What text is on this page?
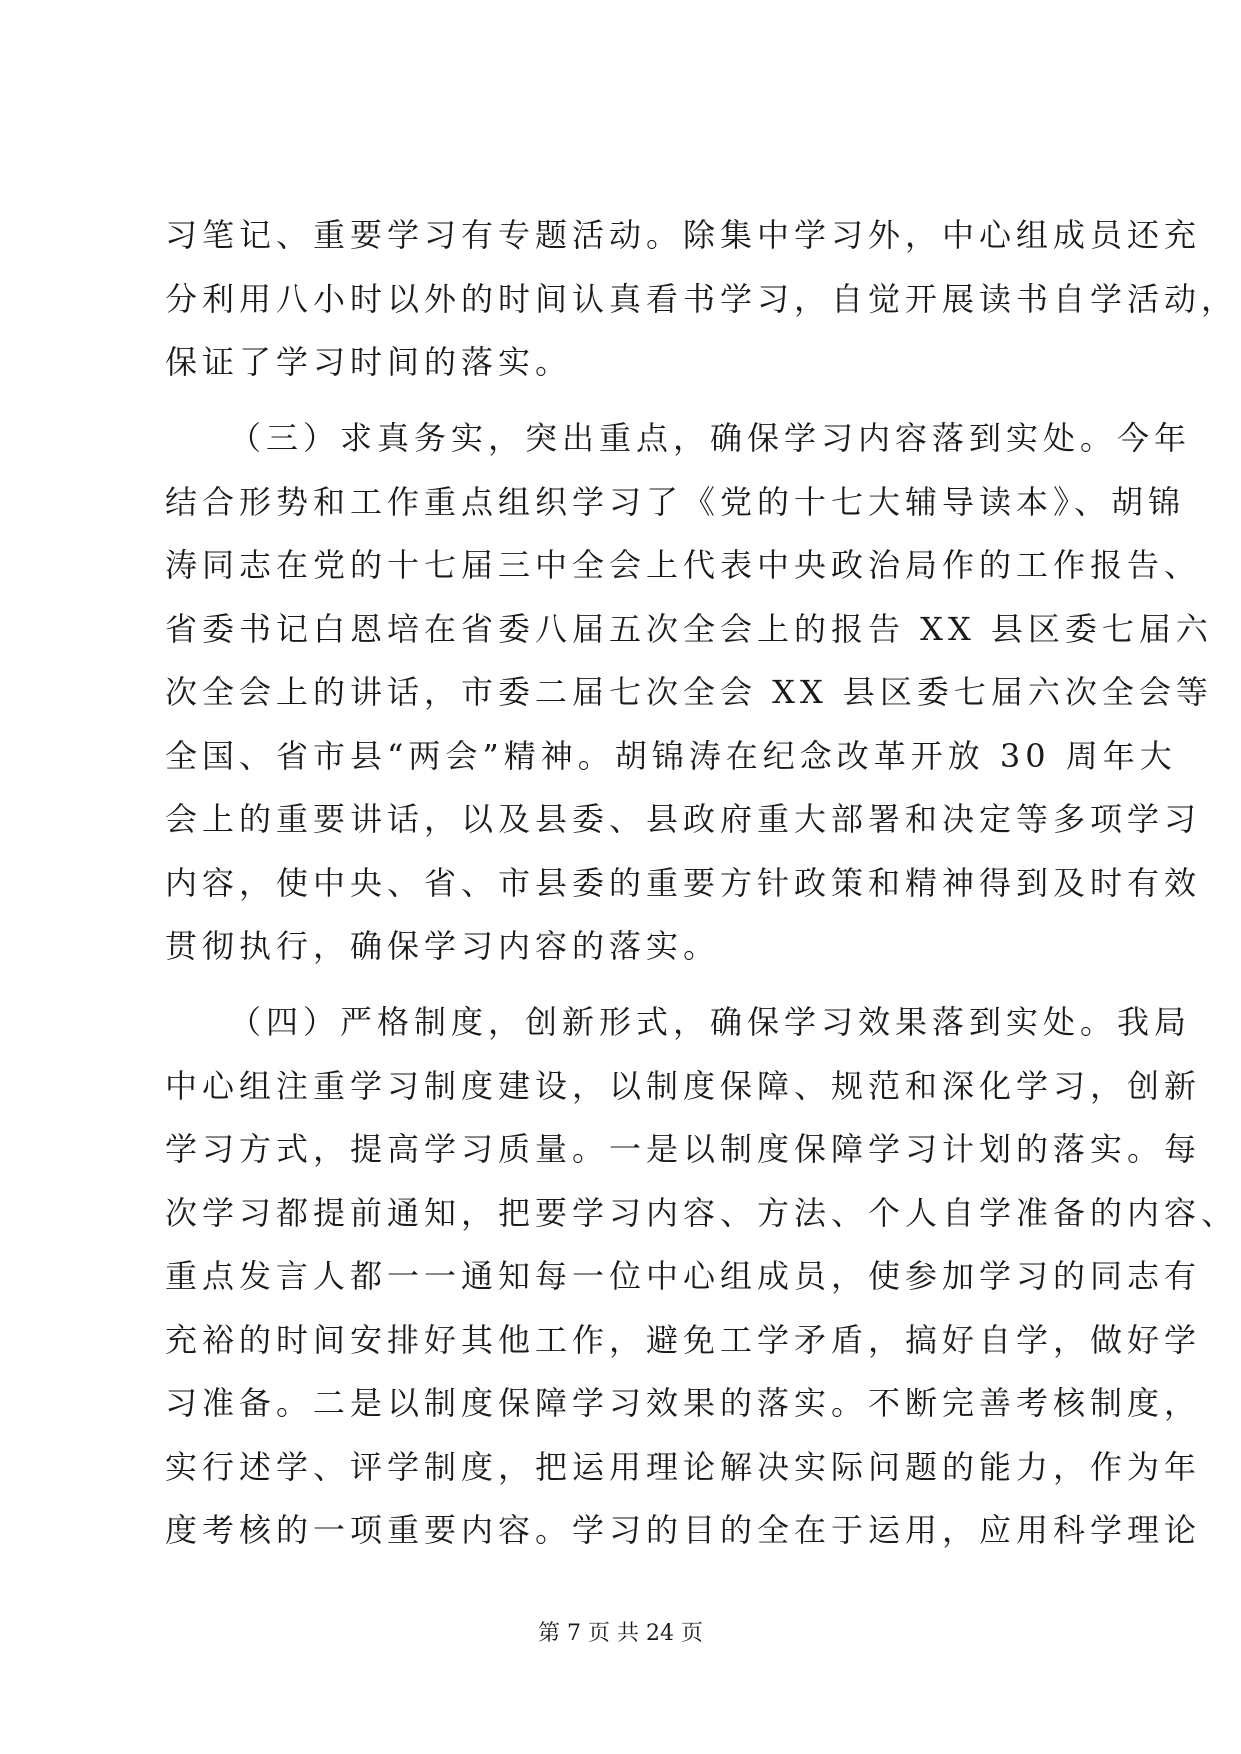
习笔记、重要学习有专题活动。除集中学习外，中心组成员还充
分利用八小时以外的时间认真看书学习，自觉开展读书自学活动，
保证了学习时间的落实。
（三）求真务实，突出重点，确保学习内容落到实处。今年
结合形势和工作重点组织学习了《党的十七大辅导读本》、胡锦
涛同志在党的十七届三中全会上代表中央政治局作的工作报告、
省委书记白恩培在省委八届五次全会上的报告 XX 县区委七届六
次全会上的讲话，市委二届七次全会 XX 县区委七届六次全会等
全国、省市县“两会”精神。胡锦涛在纪念改革开放 30 周年大
会上的重要讲话，以及县委、县政府重大部署和决定等多项学习
内容，使中央、省、市县委的重要方针政策和精神得到及时有效
贯彻执行，确保学习内容的落实。
（四）严格制度，创新形式，确保学习效果落到实处。我局
中心组注重学习制度建设，以制度保障、规范和深化学习，创新
学习方式，提高学习质量。一是以制度保障学习计划的落实。每
次学习都提前通知，把要学习内容、方法、个人自学准备的内容、
重点发言人都一一通知每一位中心组成员，使参加学习的同志有
充裕的时间安排好其他工作，避免工学矛盾，搞好自学，做好学
习准备。二是以制度保障学习效果的落实。不断完善考核制度，
实行述学、评学制度，把运用理论解决实际问题的能力，作为年
度考核的一项重要内容。学习的目的全在于运用，应用科学理论
第 7 页 共 24 页
